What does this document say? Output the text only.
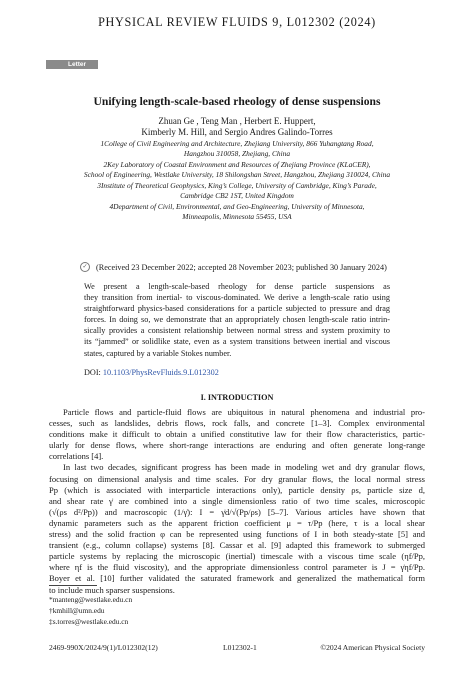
PHYSICAL REVIEW FLUIDS 9, L012302 (2024)
Letter
Unifying length-scale-based rheology of dense suspensions
Zhuan Ge , Teng Man , Herbert E. Huppert,
Kimberly M. Hill, and Sergio Andres Galindo-Torres
1College of Civil Engineering and Architecture, Zhejiang University, 866 Yuhangtang Road,
Hangzhou 310058, Zhejiang, China
2Key Laboratory of Coastal Environment and Resources of Zhejiang Province (KLaCER),
School of Engineering, Westlake University, 18 Shilongshan Street, Hangzhou, Zhejiang 310024, China
3Institute of Theoretical Geophysics, King’s College, University of Cambridge, King’s Parade,
Cambridge CB2 1ST, United Kingdom
4Department of Civil, Environmental, and Geo-Engineering, University of Minnesota,
Minneapolis, Minnesota 55455, USA
✓	(Received 23 December 2022; accepted 28 November 2023; published 30 January 2024)
We present a length-scale-based rheology for dense particle suspensions as
they transition from inertial- to viscous-dominated. We derive a length-scale ratio using
straightforward physics-based considerations for a particle subjected to pressure and drag
forces. In doing so, we demonstrate that an appropriately chosen length-scale ratio intrin-
sically provides a consistent relationship between normal stress and system proximity to
its “jammed” or solidlike state, even as a system transitions between inertial and viscous
states, captured by a variable Stokes number.
DOI: 10.1103/PhysRevFluids.9.L012302
I. INTRODUCTION
Particle flows and particle-fluid flows are ubiquitous in natural phenomena and industrial pro-
cesses, such as landslides, debris flows, rock falls, and concrete [1–3]. Complex environmental
conditions make it difficult to obtain a unified constitutive law for their flow characteristics, partic-
ularly for dense flows, where short-range interactions are enduring and often generate long-range
correlations [4].
In last two decades, significant progress has been made in modeling wet and dry granular flows,
focusing on dimensional analysis and time scales. For dry granular flows, the local normal stress
Pp (which is associated with interparticle interactions only), particle density ρs, particle size d,
and shear rate γ̇ are combined into a single dimensionless ratio of two time scales, microscopic
(√(ρs d²/Pp)) and macroscopic (1/γ̇): I = γ̇d/√(Pp/ρs) [5–7]. Various articles have shown that
dynamic parameters such as the apparent friction coefficient μ = τ/Pp (here, τ is a local shear
stress) and the solid fraction φ can be represented using functions of I in both steady-state [5] and
transient (e.g., column collapse) systems [8]. Cassar et al. [9] adapted this framework to submerged
particle systems by replacing the microscopic (inertial) timescale with a viscous time scale (ηf/Pp,
where ηf is the fluid viscosity), and the appropriate dimensionless control parameter is J = γ̇ηf/Pp.
Boyer et al. [10] further validated the saturated framework and generalized the mathematical form
to include much sparser suspensions.
*manteng@westlake.edu.cn
†kmhill@umn.edu
‡s.torres@westlake.edu.cn
2469-990X/2024/9(1)/L012302(12)	L012302-1	©2024 American Physical Society
